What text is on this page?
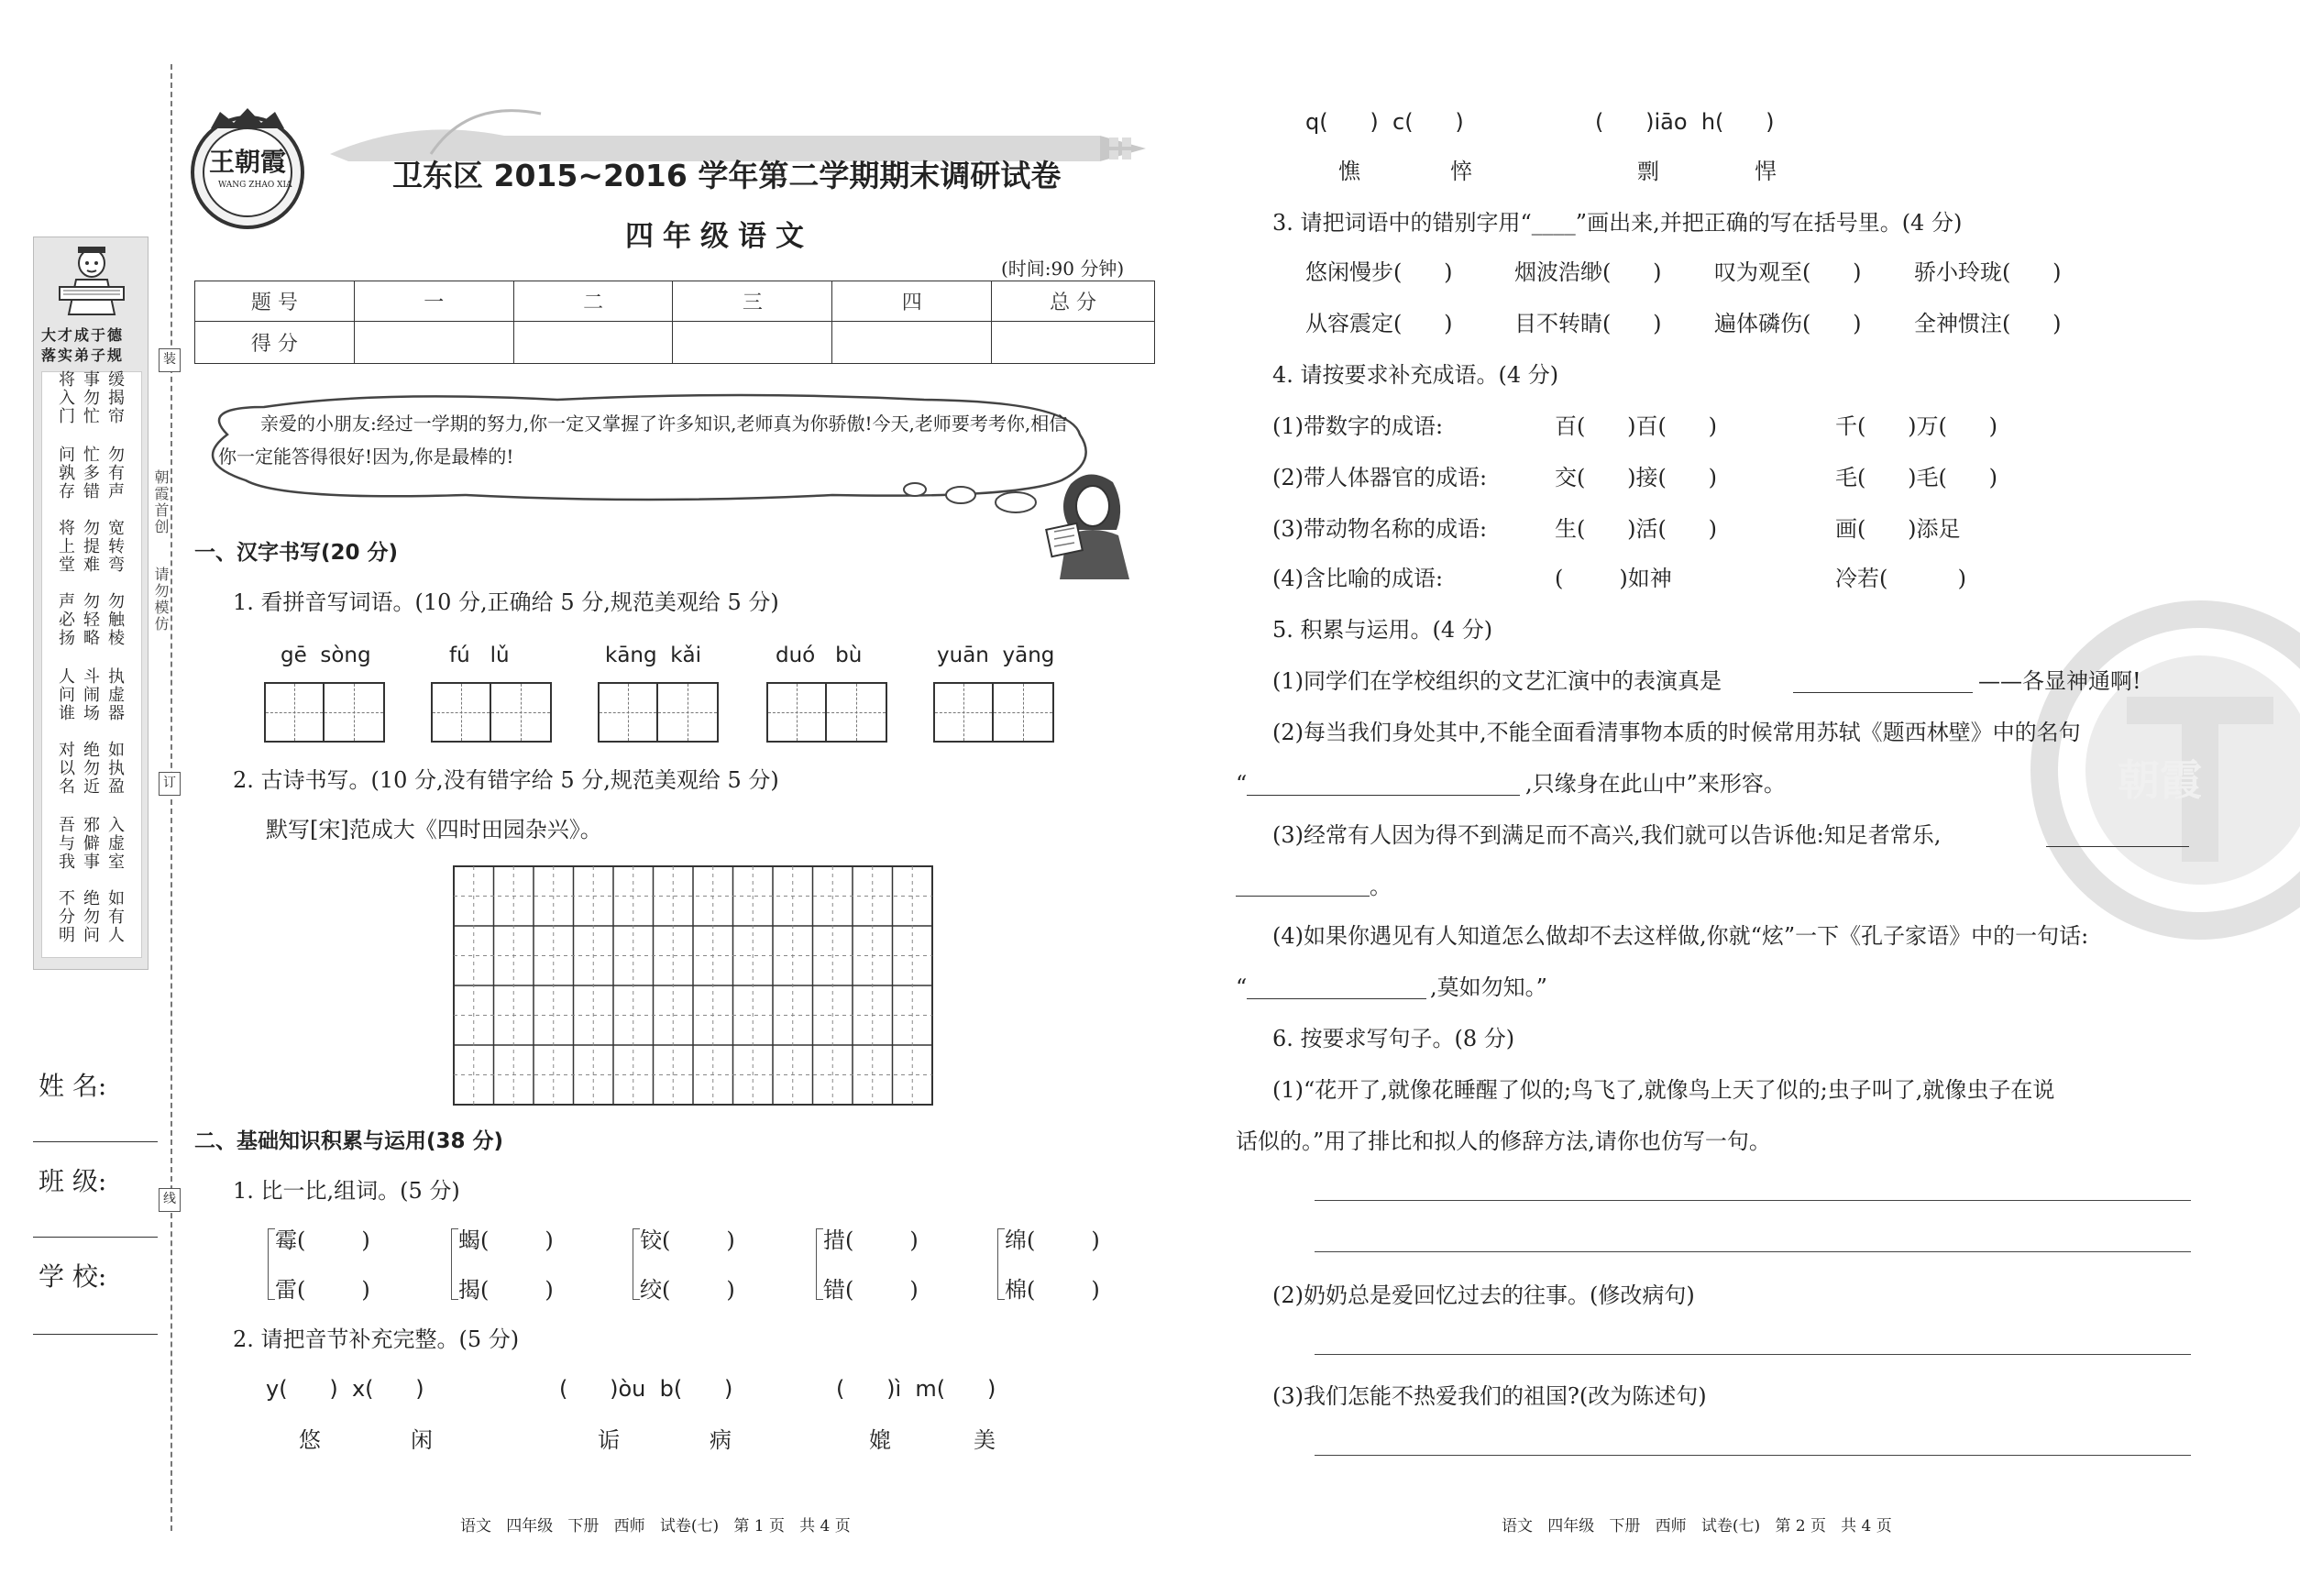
大才成于德
落实弟子规
将入门 事勿忙 缓揭帘
问孰存 忙多错 勿有声
将上堂 勿提难 宽转弯
声必扬 勿轻略 勿触棱
人问谁 斗闹场 执虚器
对以名 绝勿近 如执盈
吾与我 邪僻事 入虚室
不分明 绝勿问 如有人
朝霞首创
请勿模仿
装
订
线
姓 名:
班 级:
学 校:
王朝霞
WANG ZHAO XIA	卫东区 2015~2016 学年第二学期期末调研试卷
四年级语文
(时间:90 分钟)
题 号	一	二	三	四	总 分
得 分					
亲爱的小朋友:经过一学期的努力,你一定又掌握了许多知识,老师真为你骄傲!今天,老师要考考你,相信你一定能答得很好!因为,你是最棒的!
一、汉字书写(20 分)
1. 看拼音写词语。(10 分,正确给 5 分,规范美观给 5 分)
gē  sòng	fú   lǔ	kāng  kǎi	duó   bù	yuān  yāng
2. 古诗书写。(10 分,没有错字给 5 分,规范美观给 5 分)
默写[宋]范成大《四时田园杂兴》。
二、基础知识积累与运用(38 分)
1. 比一比,组词。(5 分)
霉(        )	蝎(        )	铰(        )	措(        )	绵(        )
雷(        )	揭(        )	绞(        )	错(        )	棉(        )
2. 请把音节补充完整。(5 分)
y(      )  x(      )	(      )òu  b(      )	(      )ì  m(      )
悠	闲	诟	病	媲	美
语文   四年级   下册   西师   试卷(七)   第 1 页   共 4 页
朝霞
q(      )  c(      )	(      )iāo  h(      )
憔	悴	剽	悍
3. 请把词语中的错别字用“____”画出来,并把正确的写在括号里。(4 分)
悠闲慢步(      )	烟波浩缈(      ) 叹为观至(      ) 骄小玲珑(      )
从容震定(      )	目不转睛(      ) 遍体磷伤(      ) 全神惯注(      )
4. 请按要求补充成语。(4 分)
(1)带数字的成语:	百(      )百(      )	千(      )万(      )
(2)带人体器官的成语:	交(      )接(      )	毛(      )毛(      )
(3)带动物名称的成语:	生(      )活(      )	画(      )添足
(4)含比喻的成语:	(        )如神	冷若(          )
5. 积累与运用。(4 分)
(1)同学们在学校组织的文艺汇演中的表演真是	——各显神通啊!
(2)每当我们身处其中,不能全面看清事物本质的时候常用苏轼《题西林壁》中的名句
“	,只缘身在此山中”来形容。
(3)经常有人因为得不到满足而不高兴,我们就可以告诉他:知足者常乐,
。
(4)如果你遇见有人知道怎么做却不去这样做,你就“炫”一下《孔子家语》中的一句话:
“	,莫如勿知。”
6. 按要求写句子。(8 分)
(1)“花开了,就像花睡醒了似的;鸟飞了,就像鸟上天了似的;虫子叫了,就像虫子在说
话似的。”用了排比和拟人的修辞方法,请你也仿写一句。
(2)奶奶总是爱回忆过去的往事。(修改病句)
(3)我们怎能不热爱我们的祖国?(改为陈述句)
语文   四年级   下册   西师   试卷(七)   第 2 页   共 4 页
